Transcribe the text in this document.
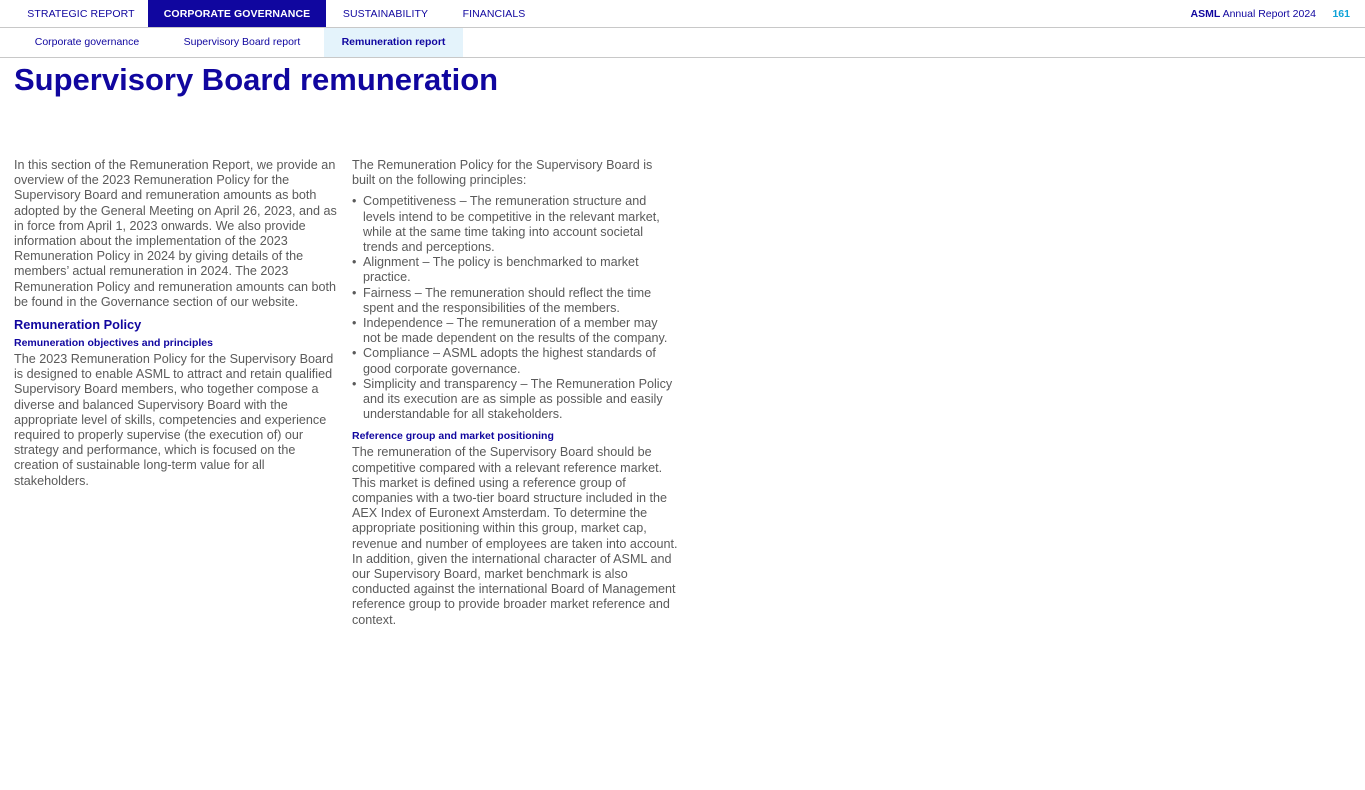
STRATEGIC REPORT	CORPORATE GOVERNANCE	SUSTAINABILITY	FINANCIALS	ASML Annual Report 2024 161
Corporate governance	Supervisory Board report	Remuneration report
Supervisory Board remuneration

In this section of the Remuneration Report, we provide an overview of the 2023 Remuneration Policy for the Supervisory Board and remuneration amounts as both adopted by the General Meeting on April 26, 2023, and as in force from April 1, 2023 onwards. We also provide information about the implementation of the 2023 Remuneration Policy in 2024 by giving details of the members’ actual remuneration in 2024. The 2023 Remuneration Policy and remuneration amounts can both be found in the Governance section of our website.

Remuneration Policy
Remuneration objectives and principles

The 2023 Remuneration Policy for the Supervisory Board is designed to enable ASML to attract and retain qualified Supervisory Board members, who together compose a diverse and balanced Supervisory Board with the appropriate level of skills, competencies and experience required to properly supervise (the execution of) our strategy and performance, which is focused on the creation of sustainable long-term value for all stakeholders.

The Remuneration Policy for the Supervisory Board is built on the following principles:

• Competitiveness – The remuneration structure and levels intend to be competitive in the relevant market, while at the same time taking into account societal trends and perceptions.
• Alignment – The policy is benchmarked to market practice.
• Fairness – The remuneration should reflect the time spent and the responsibilities of the members.
• Independence – The remuneration of a member may not be made dependent on the results of the company.
• Compliance – ASML adopts the highest standards of good corporate governance.
• Simplicity and transparency – The Remuneration Policy and its execution are as simple as possible and easily understandable for all stakeholders.
Reference group and market positioning

The remuneration of the Supervisory Board should be competitive compared with a relevant reference market. This market is defined using a reference group of companies with a two-tier board structure included in the AEX Index of Euronext Amsterdam. To determine the appropriate positioning within this group, market cap, revenue and number of employees are taken into account. In addition, given the international character of ASML and our Supervisory Board, market benchmark is also conducted against the international Board of Management reference group to provide broader market reference and context.
